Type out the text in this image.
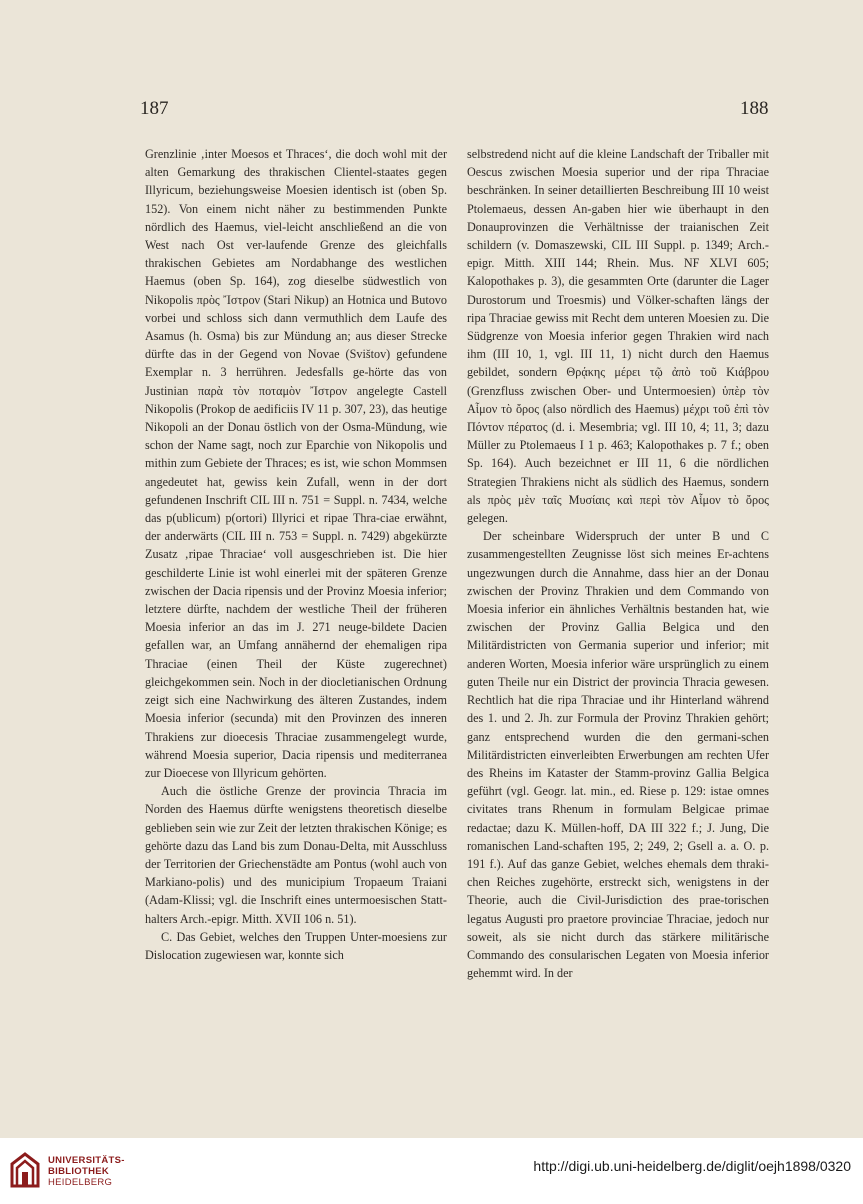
187	188

Grenzlinie ‚inter Moesos et Thraces‘, die doch wohl mit der alten Gemarkung des thrakischen Clientel-staates gegen Illyricum, beziehungsweise Moesien identisch ist (oben Sp. 152). Von einem nicht näher zu bestimmenden Punkte nördlich des Haemus, viel-leicht anschließend an die von West nach Ost ver-laufende Grenze des gleichfalls thrakischen Gebietes am Nordabhange des westlichen Haemus (oben Sp. 164), zog dieselbe südwestlich von Nikopolis πρὸς Ἴστρον (Stari Nikup) an Hotnica und Butovo vorbei und schloss sich dann vermuthlich dem Laufe des Asamus (h. Osma) bis zur Mündung an; aus dieser Strecke dürfte das in der Gegend von Novae (Svištov) gefundene Exemplar n. 3 herrühren. Jedesfalls ge-hörte das von Justinian παρὰ τὸν ποταμὸν Ἴστρον angelegte Castell Nikopolis (Prokop de aedificiis IV 11 p. 307, 23), das heutige Nikopoli an der Donau östlich von der Osma-Mündung, wie schon der Name sagt, noch zur Eparchie von Nikopolis und mithin zum Gebiete der Thraces; es ist, wie schon Mommsen angedeutet hat, gewiss kein Zufall, wenn in der dort gefundenen Inschrift CIL III n. 751 = Suppl. n. 7434, welche das p(ublicum) p(ortori) Illyrici et ripae Thra-ciae erwähnt, der anderwärts (CIL III n. 753 = Suppl. n. 7429) abgekürzte Zusatz ‚ripae Thraciae‘ voll ausgeschrieben ist. Die hier geschilderte Linie ist wohl einerlei mit der späteren Grenze zwischen der Dacia ripensis und der Provinz Moesia inferior; letztere dürfte, nachdem der westliche Theil der früheren Moesia inferior an das im J. 271 neuge-bildete Dacien gefallen war, an Umfang annähernd der ehemaligen ripa Thraciae (einen Theil der Küste zugerechnet) gleichgekommen sein. Noch in der diocletianischen Ordnung zeigt sich eine Nachwirkung des älteren Zustandes, indem Moesia inferior (secunda) mit den Provinzen des inneren Thrakiens zur dioecesis Thraciae zusammengelegt wurde, während Moesia superior, Dacia ripensis und mediterranea zur Dioecese von Illyricum gehörten.

Auch die östliche Grenze der provincia Thracia im Norden des Haemus dürfte wenigstens theoretisch dieselbe geblieben sein wie zur Zeit der letzten thrakischen Könige; es gehörte dazu das Land bis zum Donau-Delta, mit Ausschluss der Territorien der Griechenstädte am Pontus (wohl auch von Markiano-polis) und des municipium Tropaeum Traiani (Adam-Klissi; vgl. die Inschrift eines untermoesischen Statt-halters Arch.-epigr. Mitth. XVII 106 n. 51).

C. Das Gebiet, welches den Truppen Unter-moesiens zur Dislocation zugewiesen war, konnte sich

selbstredend nicht auf die kleine Landschaft der Triballer mit Oescus zwischen Moesia superior und der ripa Thraciae beschränken. In seiner detaillierten Beschreibung III 10 weist Ptolemaeus, dessen An-gaben hier wie überhaupt in den Donauprovinzen die Verhältnisse der traianischen Zeit schildern (v. Domaszewski, CIL III Suppl. p. 1349; Arch.-epigr. Mitth. XIII 144; Rhein. Mus. NF XLVI 605; Kalopothakes p. 3), die gesammten Orte (darunter die Lager Durostorum und Troesmis) und Völker-schaften längs der ripa Thraciae gewiss mit Recht dem unteren Moesien zu. Die Südgrenze von Moesia inferior gegen Thrakien wird nach ihm (III 10, 1, vgl. III 11, 1) nicht durch den Haemus gebildet, sondern Θρᾴκης μέρει τῷ ἀπὸ τοῦ Κιάβρου (Grenzfluss zwischen Ober- und Untermoesien) ὑπὲρ τὸν Αἷμον τὸ ὄρος (also nördlich des Haemus) μέχρι τοῦ ἐπὶ τὸν Πόντον πέρατος (d. i. Mesembria; vgl. III 10, 4; 11, 3; dazu Müller zu Ptolemaeus I 1 p. 463; Kalopothakes p. 7 f.; oben Sp. 164). Auch bezeichnet er III 11, 6 die nördlichen Strategien Thrakiens nicht als südlich des Haemus, sondern als πρὸς μὲν ταῖς Μυσίαις καὶ περὶ τὸν Αἷμον τὸ ὄρος gelegen.

Der scheinbare Widerspruch der unter B und C zusammengestellten Zeugnisse löst sich meines Er-achtens ungezwungen durch die Annahme, dass hier an der Donau zwischen der Provinz Thrakien und dem Commando von Moesia inferior ein ähnliches Verhältnis bestanden hat, wie zwischen der Provinz Gallia Belgica und den Militärdistricten von Germania superior und inferior; mit anderen Worten, Moesia inferior wäre ursprünglich zu einem guten Theile nur ein District der provincia Thracia gewesen. Rechtlich hat die ripa Thraciae und ihr Hinterland während des 1. und 2. Jh. zur Formula der Provinz Thrakien gehört; ganz entsprechend wurden die den germani-schen Militärdistricten einverleibten Erwerbungen am rechten Ufer des Rheins im Kataster der Stamm-provinz Gallia Belgica geführt (vgl. Geogr. lat. min., ed. Riese p. 129: istae omnes civitates trans Rhenum in formulam Belgicae primae redactae; dazu K. Müllen-hoff, DA III 322 f.; J. Jung, Die romanischen Land-schaften 195, 2; 249, 2; Gsell a. a. O. p. 191 f.). Auf das ganze Gebiet, welches ehemals dem thraki-chen Reiches zugehörte, erstreckt sich, wenigstens in der Theorie, auch die Civil-Jurisdiction des prae-torischen legatus Augusti pro praetore provinciae Thraciae, jedoch nur soweit, als sie nicht durch das stärkere militärische Commando des consularischen Legaten von Moesia inferior gehemmt wird. In der

UNIVERSITÄTS-
BIBLIOTHEK
HEIDELBERG
http://digi.ub.uni-heidelberg.de/diglit/oejh1898/0320
